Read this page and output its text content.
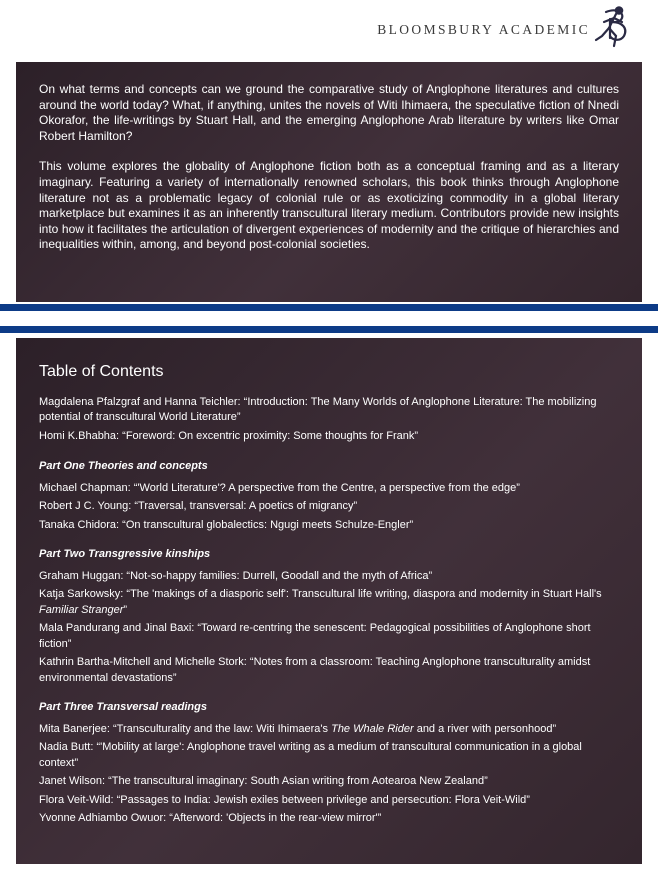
BLOOMSBURY ACADEMIC

On what terms and concepts can we ground the comparative study of Anglophone literatures and cultures around the world today? What, if anything, unites the novels of Witi Ihimaera, the speculative fiction of Nnedi Okorafor, the life-writings by Stuart Hall, and the emerging Anglophone Arab literature by writers like Omar Robert Hamilton?

This volume explores the globality of Anglophone fiction both as a conceptual framing and as a literary imaginary. Featuring a variety of internationally renowned scholars, this book thinks through Anglophone literature not as a problematic legacy of colonial rule or as exoticizing commodity in a global literary marketplace but examines it as an inherently transcultural literary medium. Contributors provide new insights into how it facilitates the articulation of divergent experiences of modernity and the critique of hierarchies and inequalities within, among, and beyond post-colonial societies.

Table of Contents

Magdalena Pfalzgraf and Hanna Teichler: “Introduction: The Many Worlds of Anglophone Literature: The mobilizing potential of transcultural World Literature”

Homi K.Bhabha: “Foreword: On excentric proximity: Some thoughts for Frank”

Part One Theories and concepts

Michael Chapman: “'World Literature'? A perspective from the Centre, a perspective from the edge”

Robert J C. Young: “Traversal, transversal: A poetics of migrancy”

Tanaka Chidora: “On transcultural globalectics: Ngugi meets Schulze-Engler”

Part Two Transgressive kinships

Graham Huggan: “Not-so-happy families: Durrell, Goodall and the myth of Africa”

Katja Sarkowsky: “The 'makings of a diasporic self': Transcultural life writing, diaspora and modernity in Stuart Hall's Familiar Stranger”

Mala Pandurang and Jinal Baxi: “Toward re-centring the senescent: Pedagogical possibilities of Anglophone short fiction”

Kathrin Bartha-Mitchell and Michelle Stork: “Notes from a classroom: Teaching Anglophone transculturality amidst environmental devastations”

Part Three Transversal readings

Mita Banerjee: “Transculturality and the law: Witi Ihimaera's The Whale Rider and a river with personhood”

Nadia Butt: “'Mobility at large': Anglophone travel writing as a medium of transcultural communication in a global context”

Janet Wilson: “The transcultural imaginary: South Asian writing from Aotearoa New Zealand”

Flora Veit-Wild: “Passages to India: Jewish exiles between privilege and persecution: Flora Veit-Wild”

Yvonne Adhiambo Owuor: “Afterword: 'Objects in the rear-view mirror'”
